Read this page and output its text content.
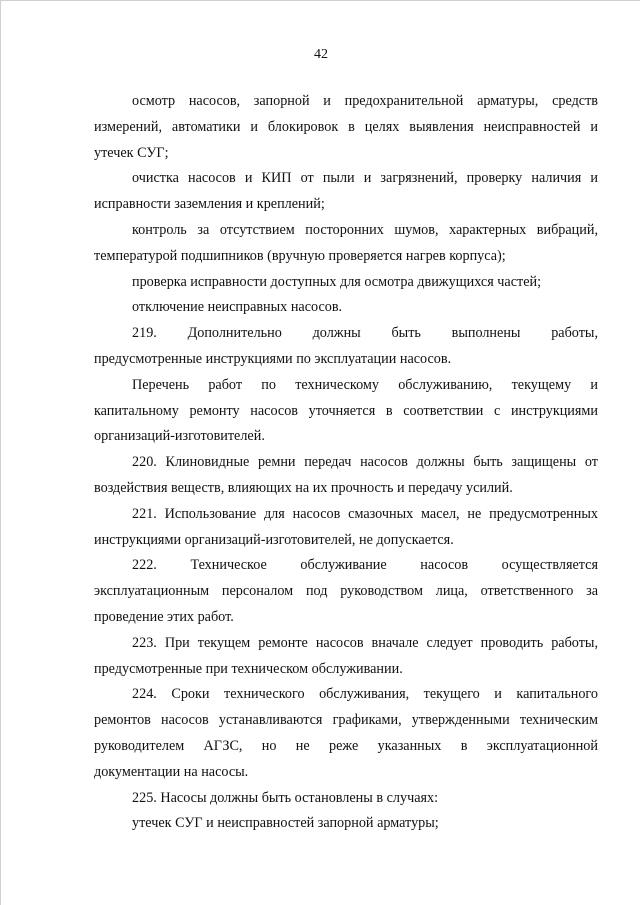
42
осмотр насосов, запорной и предохранительной арматуры, средств
измерений, автоматики и блокировок в целях выявления неисправностей и
утечек СУГ;
очистка насосов и КИП от пыли и загрязнений, проверку наличия и
исправности заземления и креплений;
контроль за отсутствием посторонних шумов, характерных вибраций,
температурой подшипников (вручную проверяется нагрев корпуса);
проверка исправности доступных для осмотра движущихся частей;
отключение неисправных насосов.
219. Дополнительно должны быть выполнены работы,
предусмотренные инструкциями по эксплуатации насосов.
Перечень работ по техническому обслуживанию, текущему и
капитальному ремонту насосов уточняется в соответствии с инструкциями
организаций-изготовителей.
220. Клиновидные ремни передач насосов должны быть защищены от
воздействия веществ, влияющих на их прочность и передачу усилий.
221. Использование для насосов смазочных масел, не предусмотренных
инструкциями организаций-изготовителей, не допускается.
222. Техническое обслуживание насосов осуществляется
эксплуатационным персоналом под руководством лица, ответственного за
проведение этих работ.
223. При текущем ремонте насосов вначале следует проводить работы,
предусмотренные при техническом обслуживании.
224. Сроки технического обслуживания, текущего и капитального
ремонтов насосов устанавливаются графиками, утвержденными техническим
руководителем АГЗС, но не реже указанных в эксплуатационной
документации на насосы.
225. Насосы должны быть остановлены в случаях:
утечек СУГ и неисправностей запорной арматуры;
